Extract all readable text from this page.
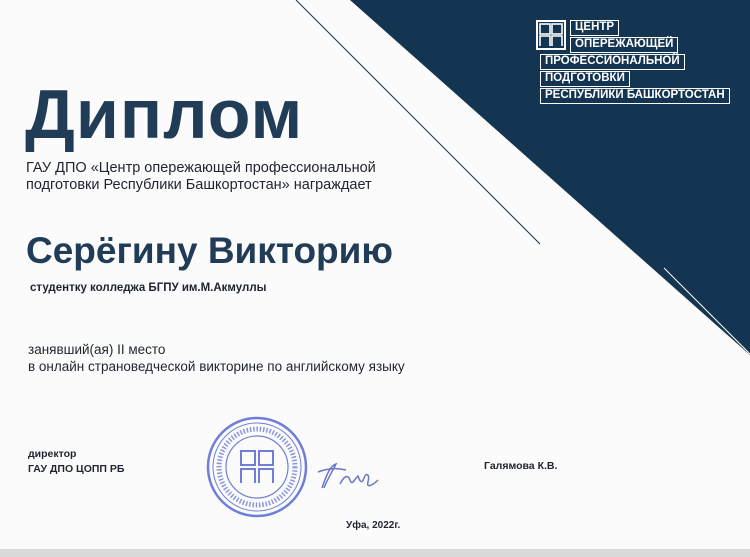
ЦЕНТР
ОПЕРЕЖАЮЩЕЙ
ПРОФЕССИОНАЛЬНОЙ
ПОДГОТОВКИ
РЕСПУБЛИКИ БАШКОРТОСТАН
Диплом
ГАУ ДПО «Центр опережающей профессиональной
подготовки Республики Башкортостан» награждает
Серёгину Викторию
студентку колледжа БГПУ им.М.Акмуллы
занявший(ая) II место
в онлайн страноведческой викторине по английскому языку
директор
ГАУ ДПО ЦОПП РБ	Галямова К.В.
Уфа, 2022г.
